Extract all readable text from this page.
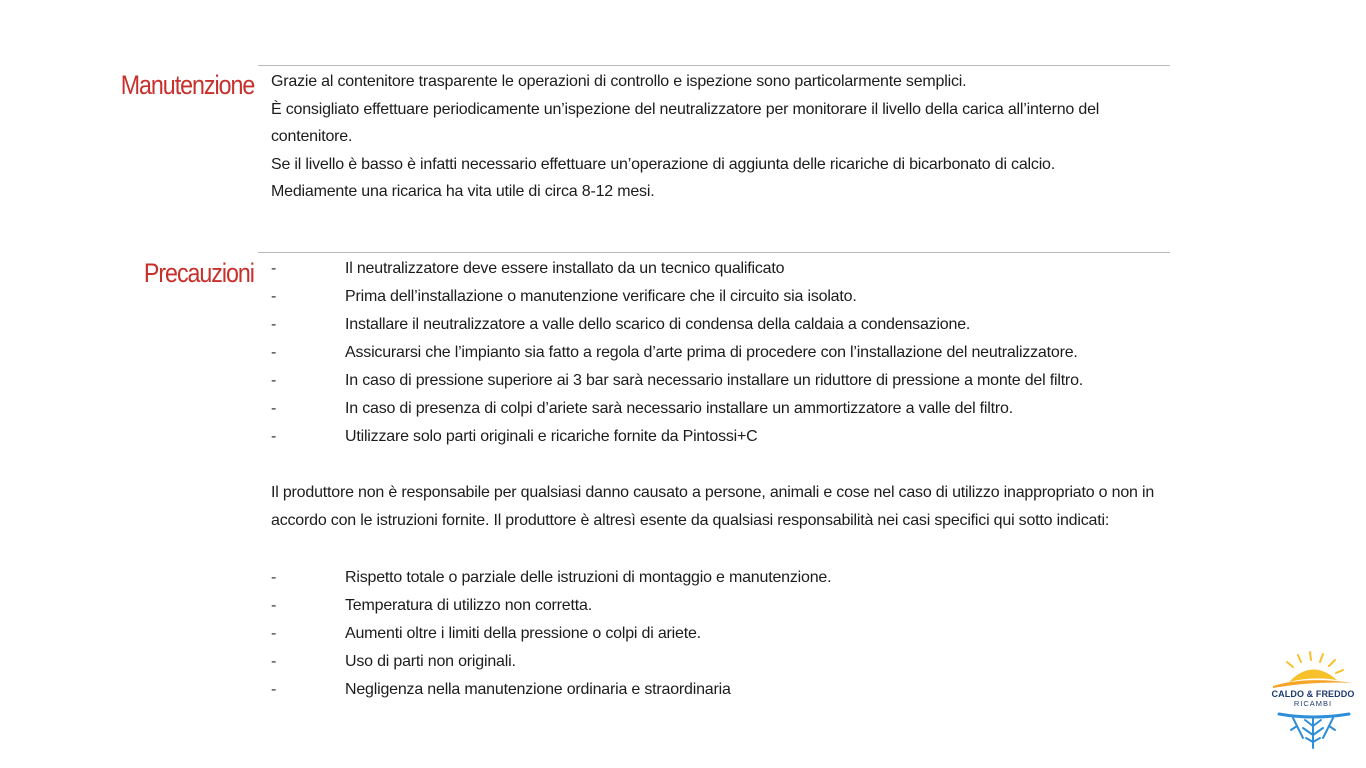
Manutenzione Grazie al contenitore trasparente le operazioni di controllo e ispezione sono particolarmente semplici.

È consigliato effettuare periodicamente un’ispezione del neutralizzatore per monitorare il livello della carica all’interno del contenitore.

Se il livello è basso è infatti necessario effettuare un’operazione di aggiunta delle ricariche di bicarbonato di calcio.

Mediamente una ricarica ha vita utile di circa 8-12 mesi.

Precauzioni -	Il neutralizzatore deve essere installato da un tecnico qualificato
-	Prima dell’installazione o manutenzione verificare che il circuito sia isolato.
-	Installare il neutralizzatore a valle dello scarico di condensa della caldaia a condensazione.
-	Assicurarsi che l’impianto sia fatto a regola d’arte prima di procedere con l’installazione del neutralizzatore.
-	In caso di pressione superiore ai 3 bar sarà necessario installare un riduttore di pressione a monte del filtro.
-	In caso di presenza di colpi d’ariete sarà necessario installare un ammortizzatore a valle del filtro.
-	Utilizzare solo parti originali e ricariche fornite da Pintossi+C

Il produttore non è responsabile per qualsiasi danno causato a persone, animali e cose nel caso di utilizzo inappropriato o non in accordo con le istruzioni fornite. Il produttore è altresì esente da qualsiasi responsabilità nei casi specifici qui sotto indicati:

-	Rispetto totale o parziale delle istruzioni di montaggio e manutenzione.
-	Temperatura di utilizzo non corretta.
-	Aumenti oltre i limiti della pressione o colpi di ariete.
-	Uso di parti non originali.
-	Negligenza nella manutenzione ordinaria e straordinaria	CALDO & FREDDO
RICAMBI
